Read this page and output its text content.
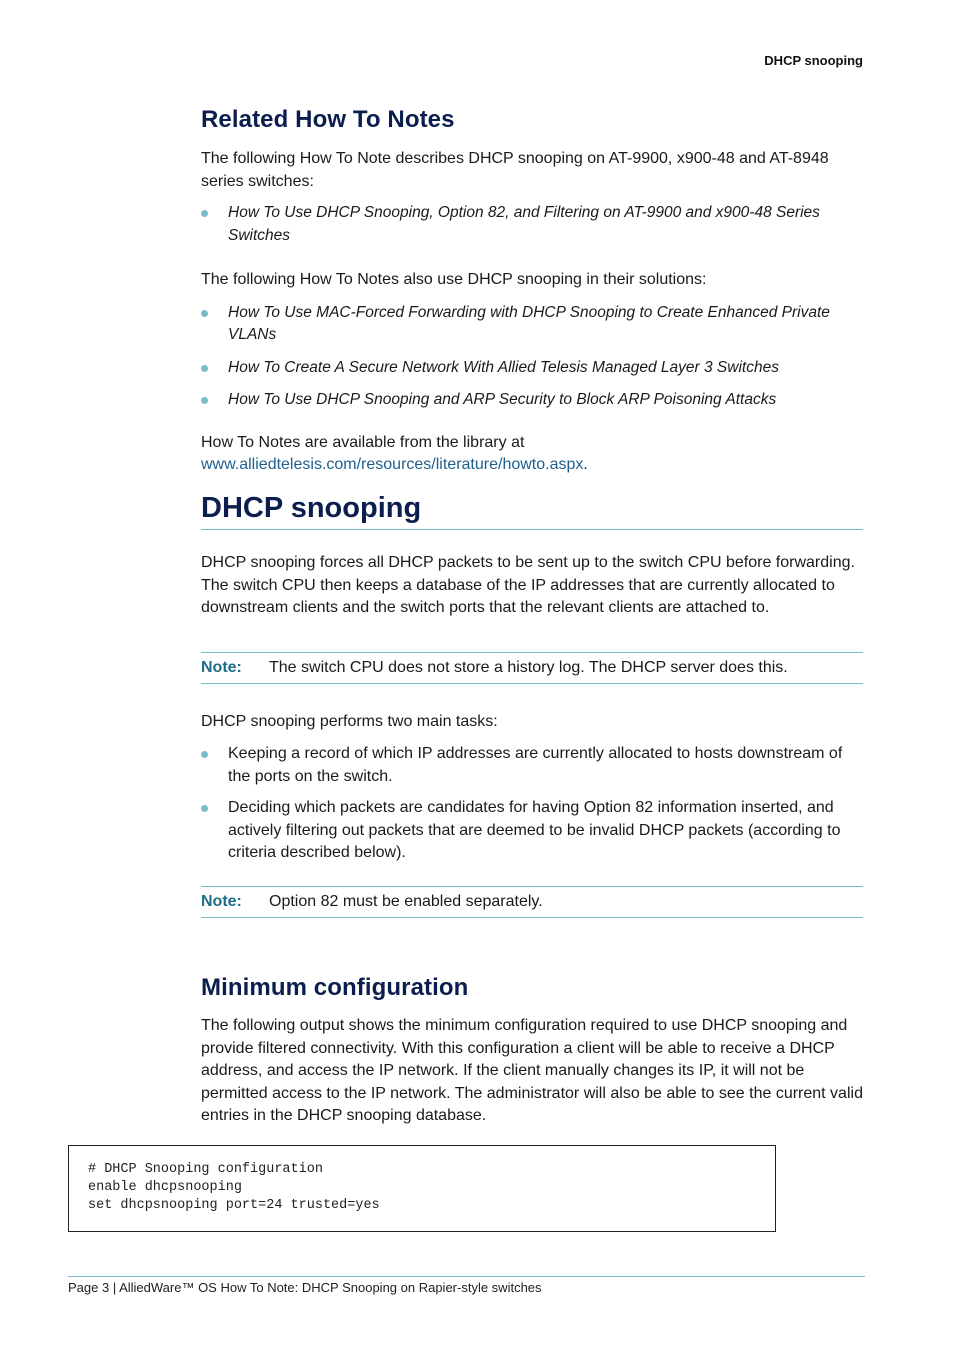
DHCP snooping
Related How To Notes

The following How To Note describes DHCP snooping on AT-9900, x900-48 and AT-8948 series switches:

How To Use DHCP Snooping, Option 82, and Filtering on AT-9900 and x900-48 Series Switches

The following How To Notes also use DHCP snooping in their solutions:

How To Use MAC-Forced Forwarding with DHCP Snooping to Create Enhanced Private VLANs
How To Create A Secure Network With Allied Telesis Managed Layer 3 Switches
How To Use DHCP Snooping and ARP Security to Block ARP Poisoning Attacks

How To Notes are available from the library at www.alliedtelesis.com/resources/literature/howto.aspx.

DHCP snooping

DHCP snooping forces all DHCP packets to be sent up to the switch CPU before forwarding. The switch CPU then keeps a database of the IP addresses that are currently allocated to downstream clients and the switch ports that the relevant clients are attached to.

Note:	The switch CPU does not store a history log. The DHCP server does this.

DHCP snooping performs two main tasks:

Keeping a record of which IP addresses are currently allocated to hosts downstream of the ports on the switch.
Deciding which packets are candidates for having Option 82 information inserted, and actively filtering out packets that are deemed to be invalid DHCP packets (according to criteria described below).
Note:	Option 82 must be enabled separately.
Minimum configuration

The following output shows the minimum configuration required to use DHCP snooping and provide filtered connectivity. With this configuration a client will be able to receive a DHCP address, and access the IP network. If the client manually changes its IP, it will not be permitted access to the IP network. The administrator will also be able to see the current valid entries in the DHCP snooping database.

# DHCP Snooping configuration
enable dhcpsnooping
set dhcpsnooping port=24 trusted=yes
Page 3 | AlliedWare™ OS How To Note: DHCP Snooping on Rapier-style switches
